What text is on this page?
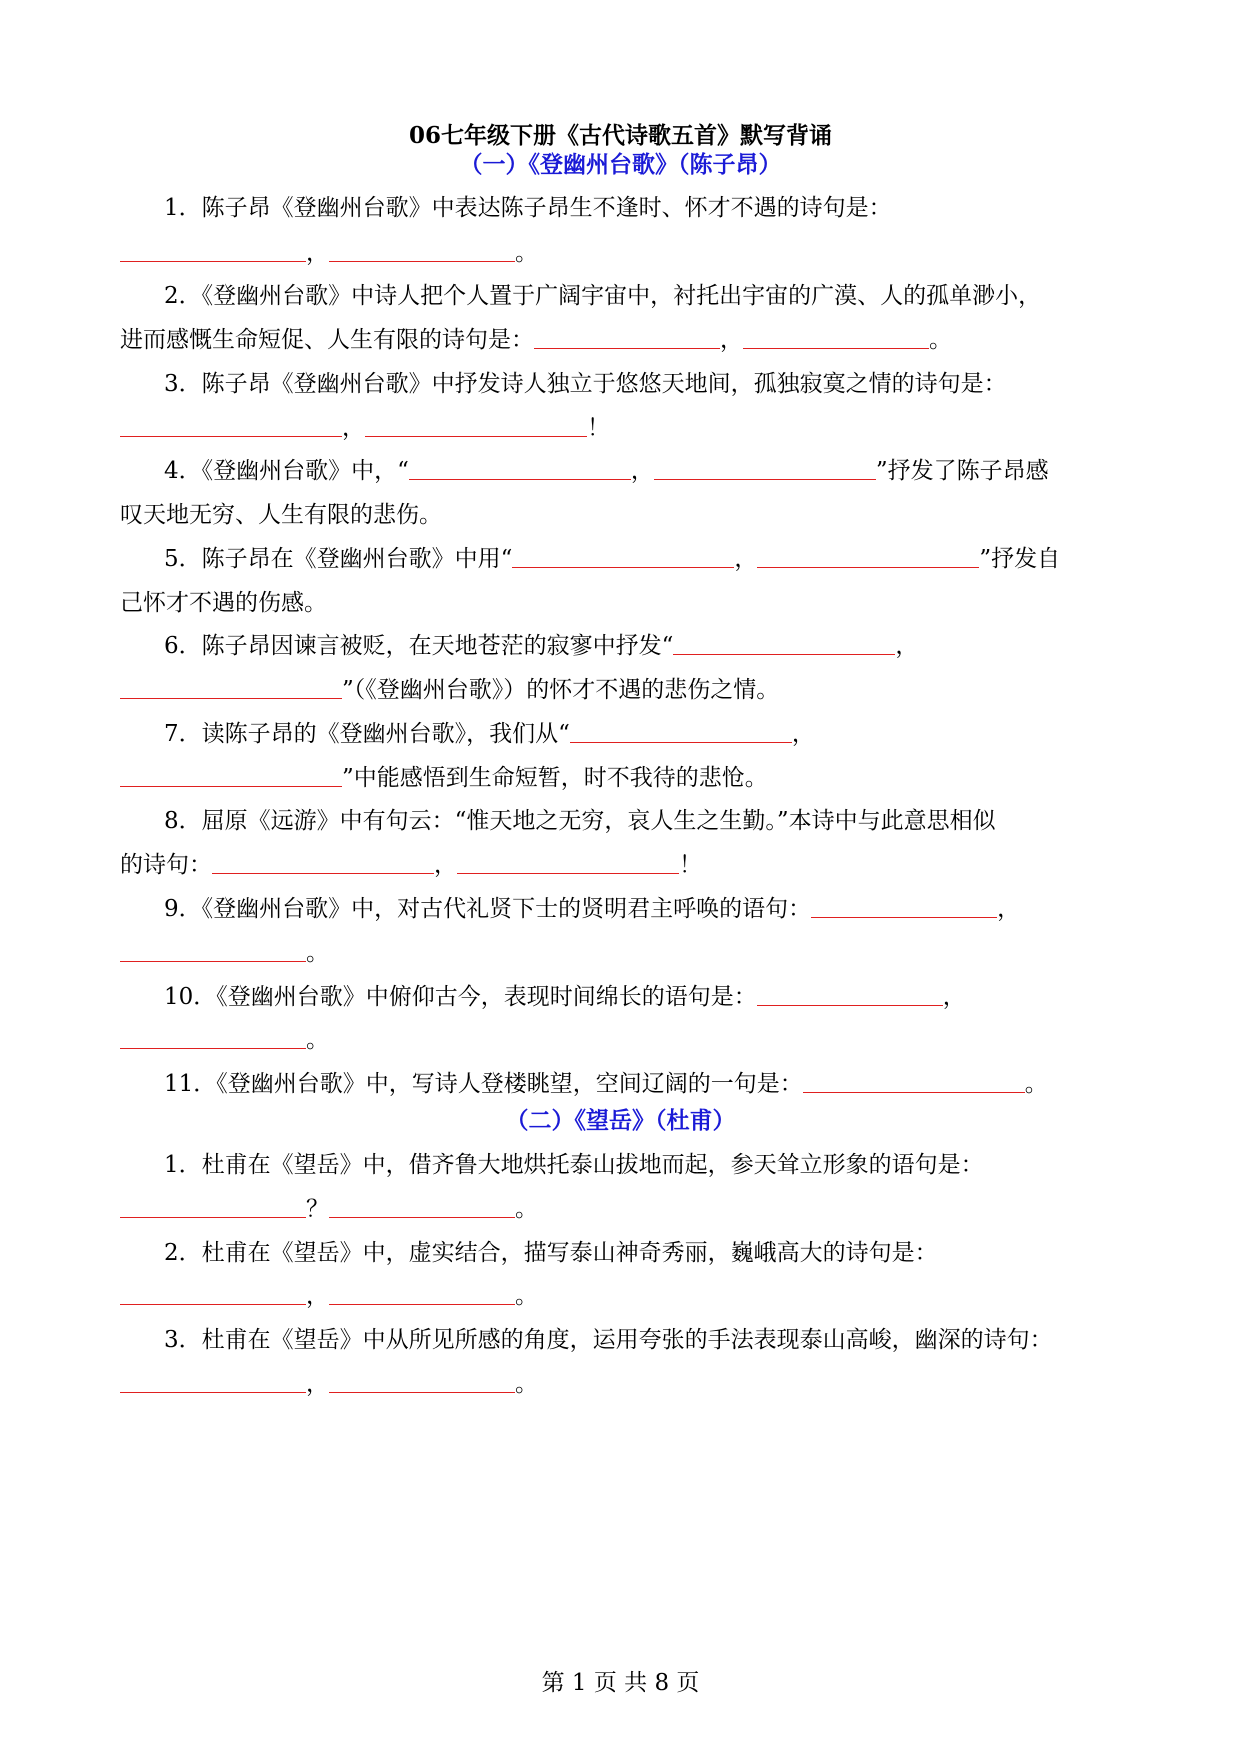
06七年级下册《古代诗歌五首》默写背诵
（一）《登幽州台歌》（陈子昂）
1．陈子昂《登幽州台歌》中表达陈子昂生不逢时、怀才不遇的诗句是：
，	。
2．《登幽州台歌》中诗人把个人置于广阔宇宙中，衬托出宇宙的广漠、人的孤单渺小，
进而感慨生命短促、人生有限的诗句是：	，	。
3．陈子昂《登幽州台歌》中抒发诗人独立于悠悠天地间，孤独寂寞之情的诗句是：
，	！
4．《登幽州台歌》中，“	，	”抒发了陈子昂感
叹天地无穷、人生有限的悲伤。
5．陈子昂在《登幽州台歌》中用“	，	”抒发自
己怀才不遇的伤感。
6．陈子昂因谏言被贬，在天地苍茫的寂寥中抒发“	，
”（《登幽州台歌》）的怀才不遇的悲伤之情。
7．读陈子昂的《登幽州台歌》，我们从“	，
”中能感悟到生命短暂，时不我待的悲怆。
8．屈原《远游》中有句云：“惟天地之无穷，哀人生之生勤。”本诗中与此意思相似
的诗句：	，	！
9．《登幽州台歌》中，对古代礼贤下士的贤明君主呼唤的语句：	，
。
10．《登幽州台歌》中俯仰古今，表现时间绵长的语句是：	，
。
11．《登幽州台歌》中，写诗人登楼眺望，空间辽阔的一句是：	。
（二）《望岳》（杜甫）
1．杜甫在《望岳》中，借齐鲁大地烘托泰山拔地而起，参天耸立形象的语句是：
？	。
2．杜甫在《望岳》中，虚实结合，描写泰山神奇秀丽，巍峨高大的诗句是：
，	。
3．杜甫在《望岳》中从所见所感的角度，运用夸张的手法表现泰山高峻，幽深的诗句：
，	。
第 1 页 共 8 页
